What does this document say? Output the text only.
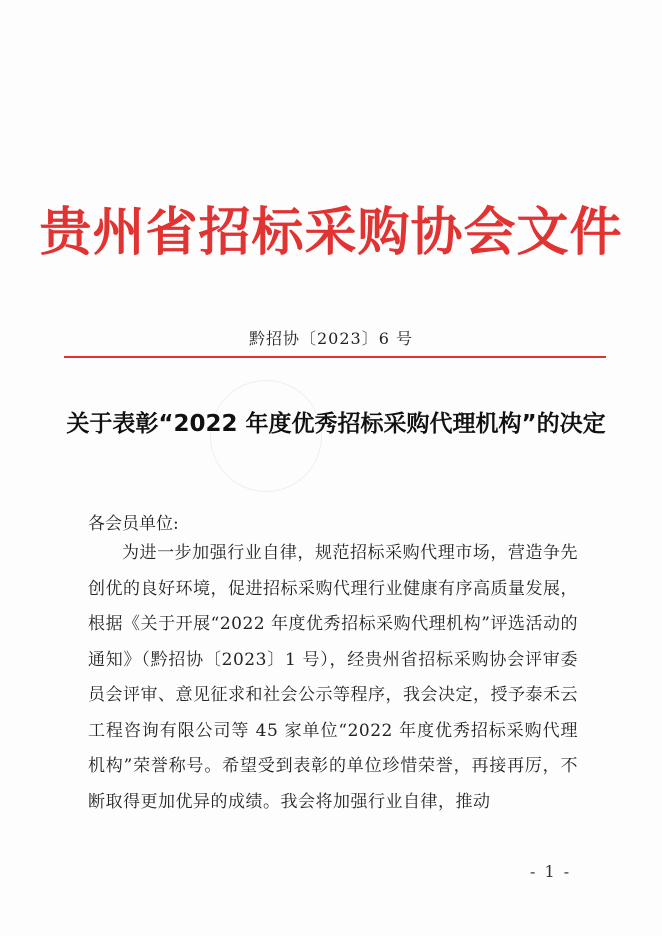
贵州省招标采购协会文件
黔招协〔2023〕6 号
关于表彰“2022 年度优秀招标采购代理机构”的决定
各会员单位:
为进一步加强行业自律，规范招标采购代理市场，营造争先创优的良好环境，促进招标采购代理行业健康有序高质量发展，根据《关于开展“2022 年度优秀招标采购代理机构”评选活动的通知》（黔招协〔2023〕1 号），经贵州省招标采购协会评审委员会评审、意见征求和社会公示等程序，我会决定，授予泰禾云工程咨询有限公司等 45 家单位“2022 年度优秀招标采购代理机构”荣誉称号。希望受到表彰的单位珍惜荣誉，再接再厉，不断取得更加优异的成绩。我会将加强行业自律，推动
- 1 -
